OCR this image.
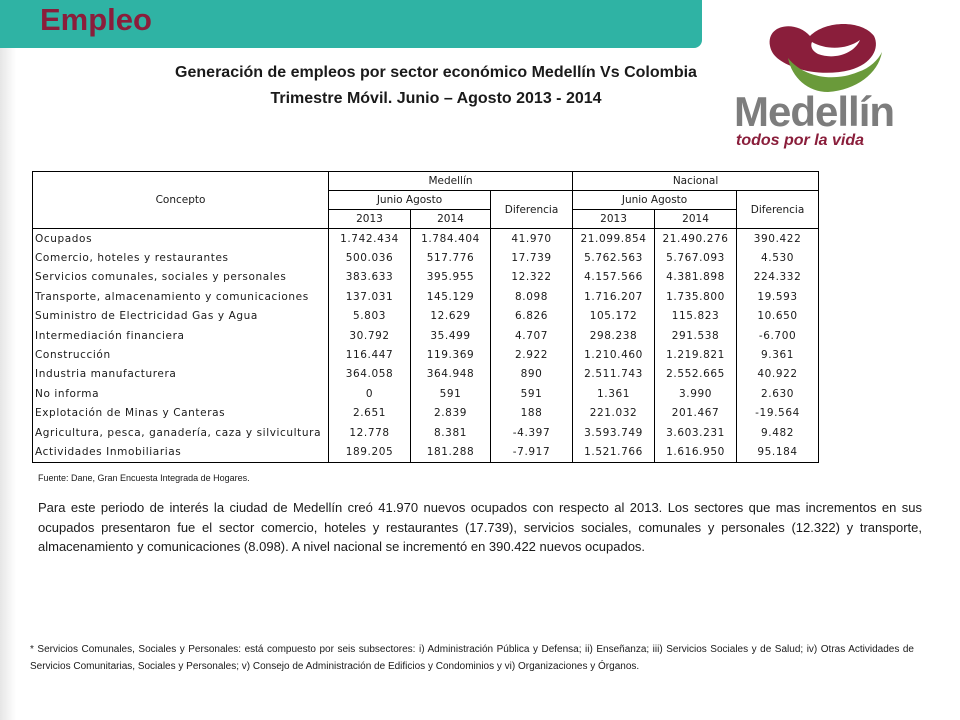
Empleo
Generación de empleos por sector económico Medellín Vs Colombia
Trimestre Móvil. Junio – Agosto 2013 - 2014	Medellín
todos por la vida
Concepto	Medellín			Nacional		
	Junio Agosto		Diferencia	Junio Agosto		Diferencia
	2013	2014		2013	2014	
Ocupados	1.742.434	1.784.404	41.970	21.099.854	21.490.276	390.422
Comercio, hoteles y restaurantes	500.036	517.776	17.739	5.762.563	5.767.093	4.530
Servicios comunales, sociales y personales	383.633	395.955	12.322	4.157.566	4.381.898	224.332
Transporte, almacenamiento y comunicaciones	137.031	145.129	8.098	1.716.207	1.735.800	19.593
Suministro de Electricidad Gas y Agua	5.803	12.629	6.826	105.172	115.823	10.650
Intermediación financiera	30.792	35.499	4.707	298.238	291.538	-6.700
Construcción	116.447	119.369	2.922	1.210.460	1.219.821	9.361
Industria manufacturera	364.058	364.948	890	2.511.743	2.552.665	40.922
No informa	0	591	591	1.361	3.990	2.630
Explotación de Minas y Canteras	2.651	2.839	188	221.032	201.467	-19.564
Agricultura, pesca, ganadería, caza y silvicultura	12.778	8.381	-4.397	3.593.749	3.603.231	9.482
Actividades Inmobiliarias	189.205	181.288	-7.917	1.521.766	1.616.950	95.184
Fuente: Dane, Gran Encuesta Integrada de Hogares.
Para este periodo de interés la ciudad de Medellín creó 41.970 nuevos ocupados con respecto al 2013. Los sectores que mas incrementos en sus ocupados presentaron fue el sector comercio, hoteles y restaurantes (17.739), servicios sociales, comunales y personales (12.322) y transporte, almacenamiento y comunicaciones (8.098). A nivel nacional se incrementó en 390.422 nuevos ocupados.
* Servicios Comunales, Sociales y Personales: está compuesto por seis subsectores: i) Administración Pública y Defensa; ii) Enseñanza; iii) Servicios Sociales y de Salud; iv) Otras Actividades de Servicios Comunitarias, Sociales y Personales; v) Consejo de Administración de Edificios y Condominios y vi) Organizaciones y Órganos.
